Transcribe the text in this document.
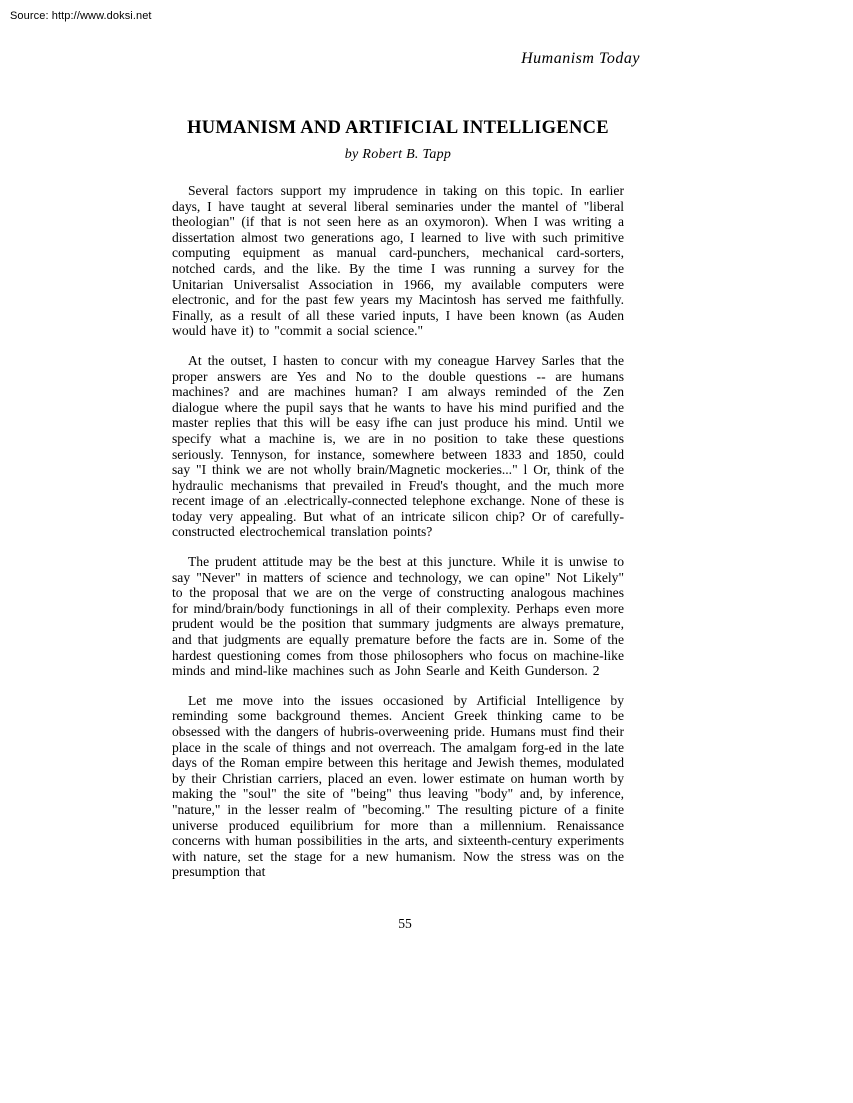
Source: http://www.doksi.net
Humanism Today
HUMANISM AND ARTIFICIAL INTELLIGENCE
by Robert B. Tapp

Several factors support my imprudence in taking on this topic. In earlier days, I have taught at several liberal seminaries under the mantel of "liberal theologian" (if that is not seen here as an oxymoron). When I was writing a dissertation almost two generations ago, I learned to live with such primitive computing equipment as manual card-punchers, mechanical card-sorters, notched cards, and the like. By the time I was running a survey for the Unitarian Universalist Association in 1966, my available computers were electronic, and for the past few years my Macintosh has served me faithfully. Finally, as a result of all these varied inputs, I have been known (as Auden would have it) to "commit a social science."

At the outset, I hasten to concur with my coneague Harvey Sarles that the proper answers are Yes and No to the double questions -- are humans machines? and are machines human? I am always reminded of the Zen dialogue where the pupil says that he wants to have his mind purified and the master replies that this will be easy ifhe can just produce his mind. Until we specify what a machine is, we are in no position to take these questions seriously. Tennyson, for instance, somewhere between 1833 and 1850, could say "I think we are not wholly brain/Magnetic mockeries..." l Or, think of the hydraulic mechanisms that prevailed in Freud's thought, and the much more recent image of an .electrically-connected telephone exchange. None of these is today very appealing. But what of an intricate silicon chip? Or of carefully-constructed electrochemical translation points?

The prudent attitude may be the best at this juncture. While it is unwise to say "Never" in matters of science and technology, we can opine" Not Likely" to the proposal that we are on the verge of constructing analogous machines for mind/brain/body functionings in all of their complexity. Perhaps even more prudent would be the position that summary judgments are always premature, and that judgments are equally premature before the facts are in. Some of the hardest questioning comes from those philosophers who focus on machine-like minds and mind-like machines such as John Searle and Keith Gunderson. 2

Let me move into the issues occasioned by Artificial Intelligence by reminding some background themes. Ancient Greek thinking came to be obsessed with the dangers of hubris-overweening pride. Humans must find their place in the scale of things and not overreach. The amalgam forg-ed in the late days of the Roman empire between this heritage and Jewish themes, modulated by their Christian carriers, placed an even. lower estimate on human worth by making the "soul" the site of "being" thus leaving "body" and, by inference, "nature," in the lesser realm of "becoming." The resulting picture of a finite universe produced equilibrium for more than a millennium. Renaissance concerns with human possibilities in the arts, and sixteenth-century experiments with nature, set the stage for a new humanism. Now the stress was on the presumption that

55
